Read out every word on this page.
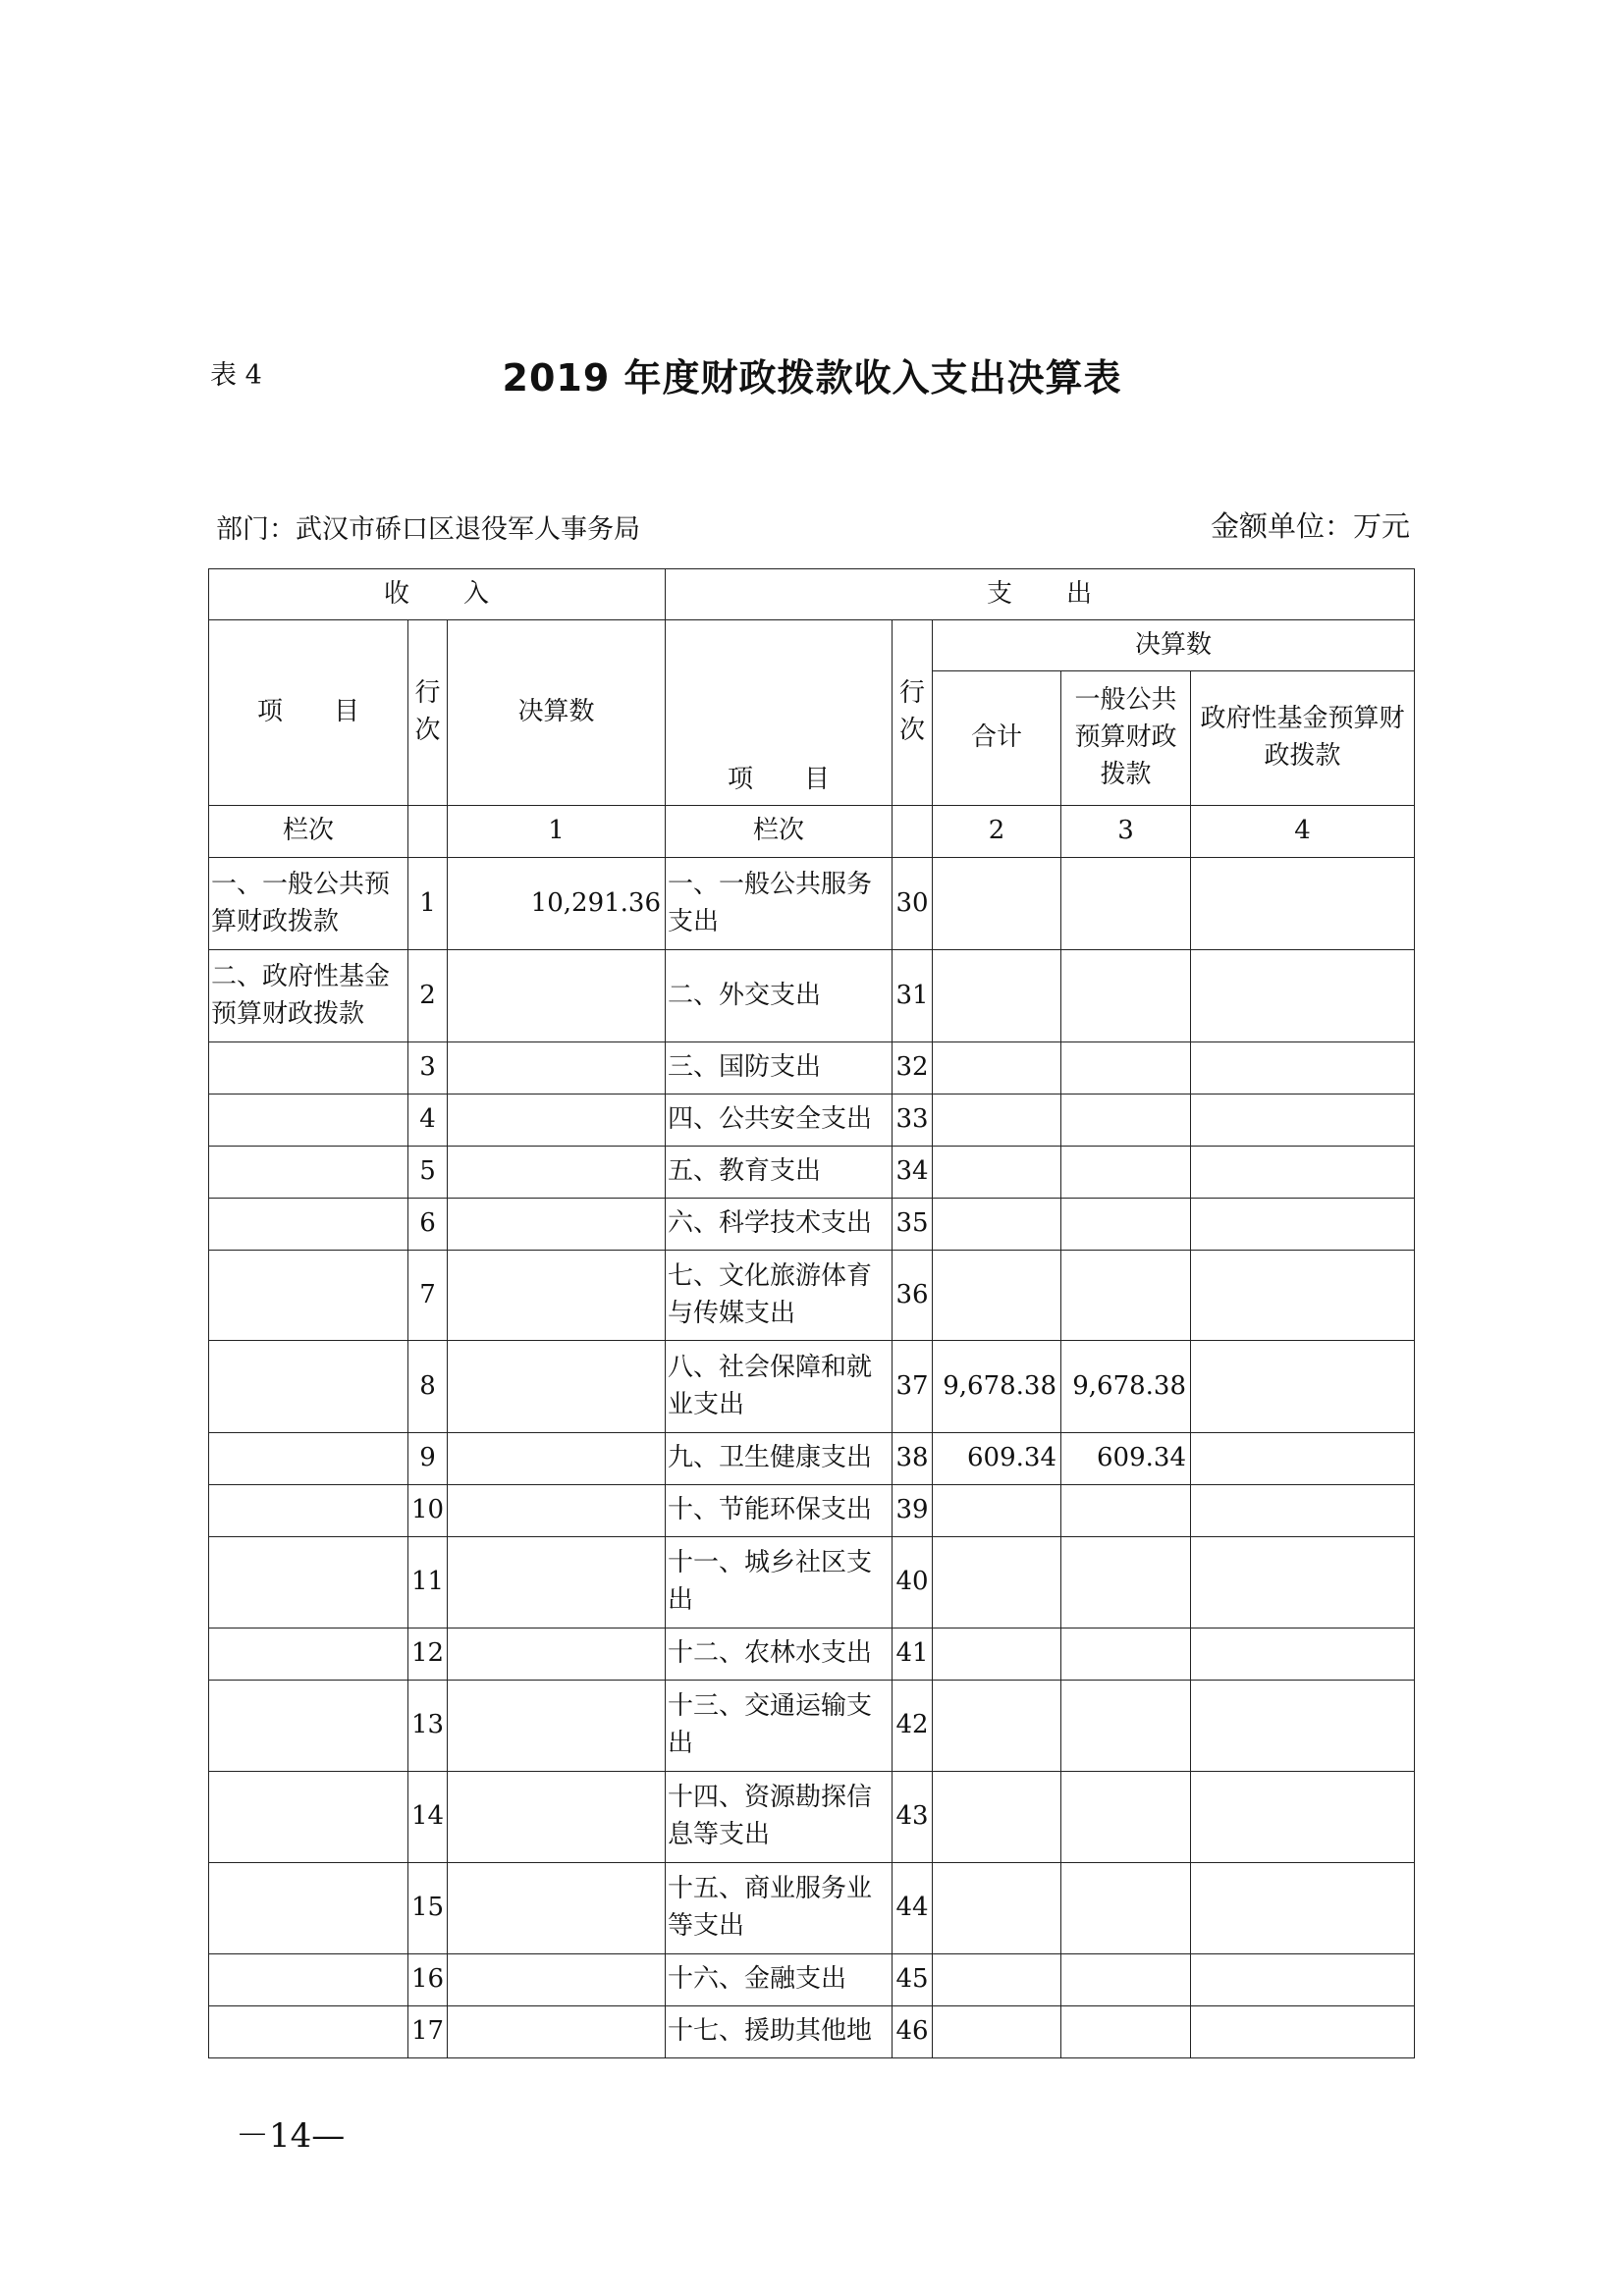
表 4	2019 年度财政拨款收入支出决算表
部门：武汉市硚口区退役军人事务局	金额单位：万元
收　　入			支　　出				
项　　目	行次	决算数	项　　目	行次	决算数		
					合计	一般公共预算财政拨款	政府性基金预算财政拨款
栏次		1	栏次		2	3	4
一、一般公共预算财政拨款	1	10,291.36	一、一般公共服务支出	30			
二、政府性基金预算财政拨款	2		二、外交支出	31			
	3		三、国防支出	32			
	4		四、公共安全支出	33			
	5		五、教育支出	34			
	6		六、科学技术支出	35			
	7		七、文化旅游体育与传媒支出	36			
	8		八、社会保障和就业支出	37	9,678.38	9,678.38	
	9		九、卫生健康支出	38	609.34	609.34	
	10		十、节能环保支出	39			
	11		十一、城乡社区支出	40			
	12		十二、农林水支出	41			
	13		十三、交通运输支出	42			
	14		十四、资源勘探信息等支出	43			
	15		十五、商业服务业等支出	44			
	16		十六、金融支出	45			
	17		十七、援助其他地	46			
－14—
